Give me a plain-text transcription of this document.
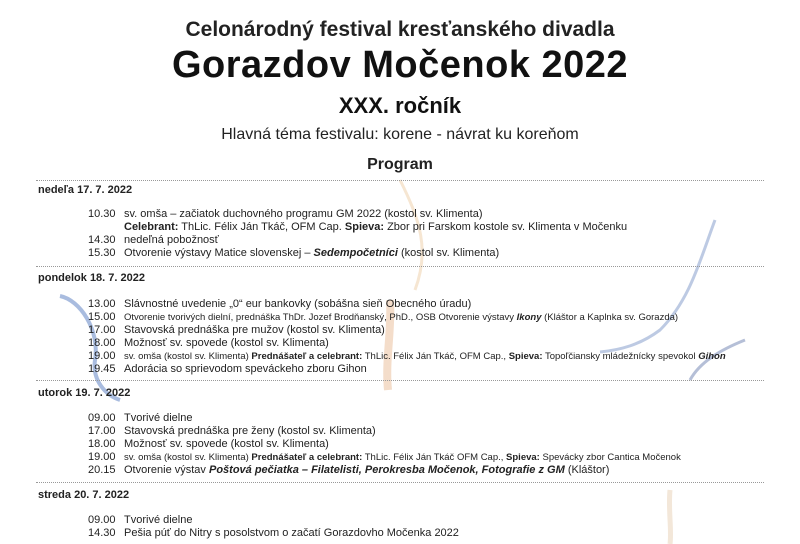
Celonárodný festival kresťanského divadla
Gorazdov Močenok 2022
XXX. ročník
Hlavná téma festivalu: korene - návrat ku koreňom
Program
nedeľa 17. 7. 2022
10.30 sv. omša – začiatok duchovného programu GM 2022 (kostol sv. Klimenta)
Celebrant: ThLic. Félix Ján Tkáč, OFM Cap. Spieva: Zbor pri Farskom kostole sv. Klimenta v Močenku
14.30 nedeľná pobožnosť
15.30 Otvorenie výstavy Matice slovenskej – Sedempočetníci (kostol sv. Klimenta)
pondelok 18. 7. 2022
13.00 Slávnostné uvedenie „0“ eur bankovky (sobášna sieň Obecného úradu)
15.00 Otvorenie tvorivých dielní, prednáška ThDr. Jozef Brodňanský, PhD., OSB Otvorenie výstavy Ikony (Kláštor a Kaplnka sv. Gorazda)
17.00 Stavovská prednáška pre mužov (kostol sv. Klimenta)
18.00 Možnosť sv. spovede (kostol sv. Klimenta)
19.00 sv. omša (kostol sv. Klimenta) Prednášateľ a celebrant: ThLic. Félix Ján Tkáč, OFM Cap., Spieva: Topoľčiansky mládežnícky spevokol Gihon
19.45 Adorácia so sprievodom speváckeho zboru Gihon
utorok 19. 7. 2022
09.00 Tvorivé dielne
17.00 Stavovská prednáška pre ženy (kostol sv. Klimenta)
18.00 Možnosť sv. spovede (kostol sv. Klimenta)
19.00 sv. omša (kostol sv. Klimenta) Prednášateľ a celebrant: ThLic. Félix Ján Tkáč OFM Cap., Spieva: Spevácky zbor Cantica Močenok
20.15 Otvorenie výstav Poštová pečiatka – Filatelisti, Perokresba Močenok, Fotografie z GM (Kláštor)
streda 20. 7. 2022
09.00 Tvorivé dielne
14.30 Pešia púť do Nitry s posolstvom o začatí Gorazdovho Močenka 2022
